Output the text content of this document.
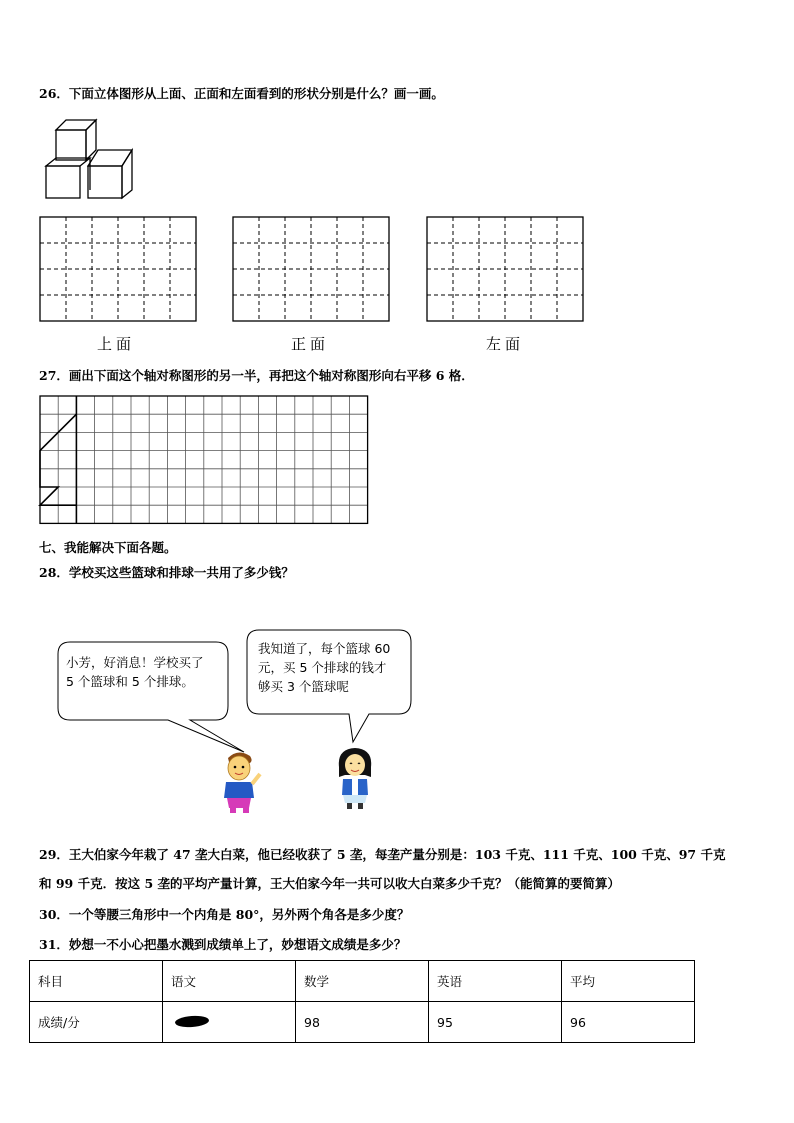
26．下面立体图形从上面、正面和左面看到的形状分别是什么？画一画。
上面	正面	左面
27．画出下面这个轴对称图形的另一半，再把这个轴对称图形向右平移 6 格．
七、我能解决下面各题。
28．学校买这些篮球和排球一共用了多少钱？
小芳，好消息！学校买了
5 个篮球和 5 个排球。
我知道了，每个篮球 60
元，买 5 个排球的钱才
够买 3 个篮球呢
29．王大伯家今年栽了 47 垄大白菜，他已经收获了 5 垄，每垄产量分别是：103 千克、111 千克、100 千克、97 千克
和 99 千克．按这 5 垄的平均产量计算，王大伯家今年一共可以收大白菜多少千克？（能简算的要简算）
30．一个等腰三角形中一个内角是 80°，另外两个角各是多少度？
31．妙想一不小心把墨水溅到成绩单上了，妙想语文成绩是多少？
科目	语文	数学	英语	平均
成绩/分		98	95	96
